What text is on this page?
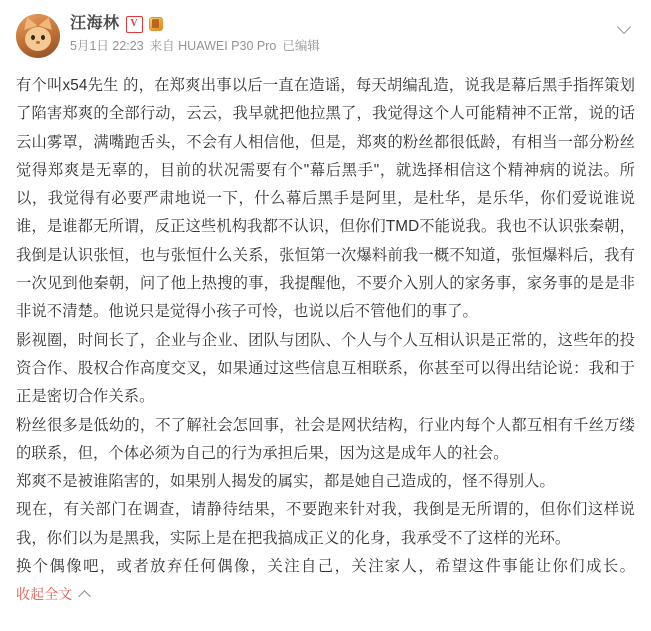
汪海林	V
5月1日 22:23 来自 HUAWEI P30 Pro 已编辑

有个叫x54先生 的，在郑爽出事以后一直在造谣，每天胡编乱造，说我是幕后黑手指挥策划了陷害郑爽的全部行动，云云，我早就把他拉黑了，我觉得这个人可能精神不正常，说的话云山雾罩，满嘴跑舌头，不会有人相信他，但是，郑爽的粉丝都很低龄，有相当一部分粉丝觉得郑爽是无辜的，目前的状况需要有个"幕后黑手"，就选择相信这个精神病的说法。所以，我觉得有必要严肃地说一下，什么幕后黑手是阿里，是杜华，是乐华，你们爱说谁说谁，是谁都无所谓，反正这些机构我都不认识，但你们TMD不能说我。我也不认识张秦朝，我倒是认识张恒，也与张恒什么关系，张恒第一次爆料前我一概不知道，张恒爆料后，我有一次见到他秦朝，问了他上热搜的事，我提醒他，不要介入别人的家务事，家务事的是是非非说不清楚。他说只是觉得小孩子可怜，也说以后不管他们的事了。

影视圈，时间长了，企业与企业、团队与团队、个人与个人互相认识是正常的，这些年的投资合作、股权合作高度交叉，如果通过这些信息互相联系，你甚至可以得出结论说：我和于正是密切合作关系。

粉丝很多是低幼的，不了解社会怎回事，社会是网状结构，行业内每个人都互相有千丝万缕的联系，但，个体必须为自己的行为承担后果，因为这是成年人的社会。

郑爽不是被谁陷害的，如果别人揭发的属实，都是她自己造成的，怪不得别人。

现在，有关部门在调查，请静待结果，不要跑来针对我，我倒是无所谓的，但你们这样说我，你们以为是黑我，实际上是在把我搞成正义的化身，我承受不了这样的光环。

换个偶像吧，或者放弃任何偶像，关注自己，关注家人，希望这件事能让你们成长。
收起全文
